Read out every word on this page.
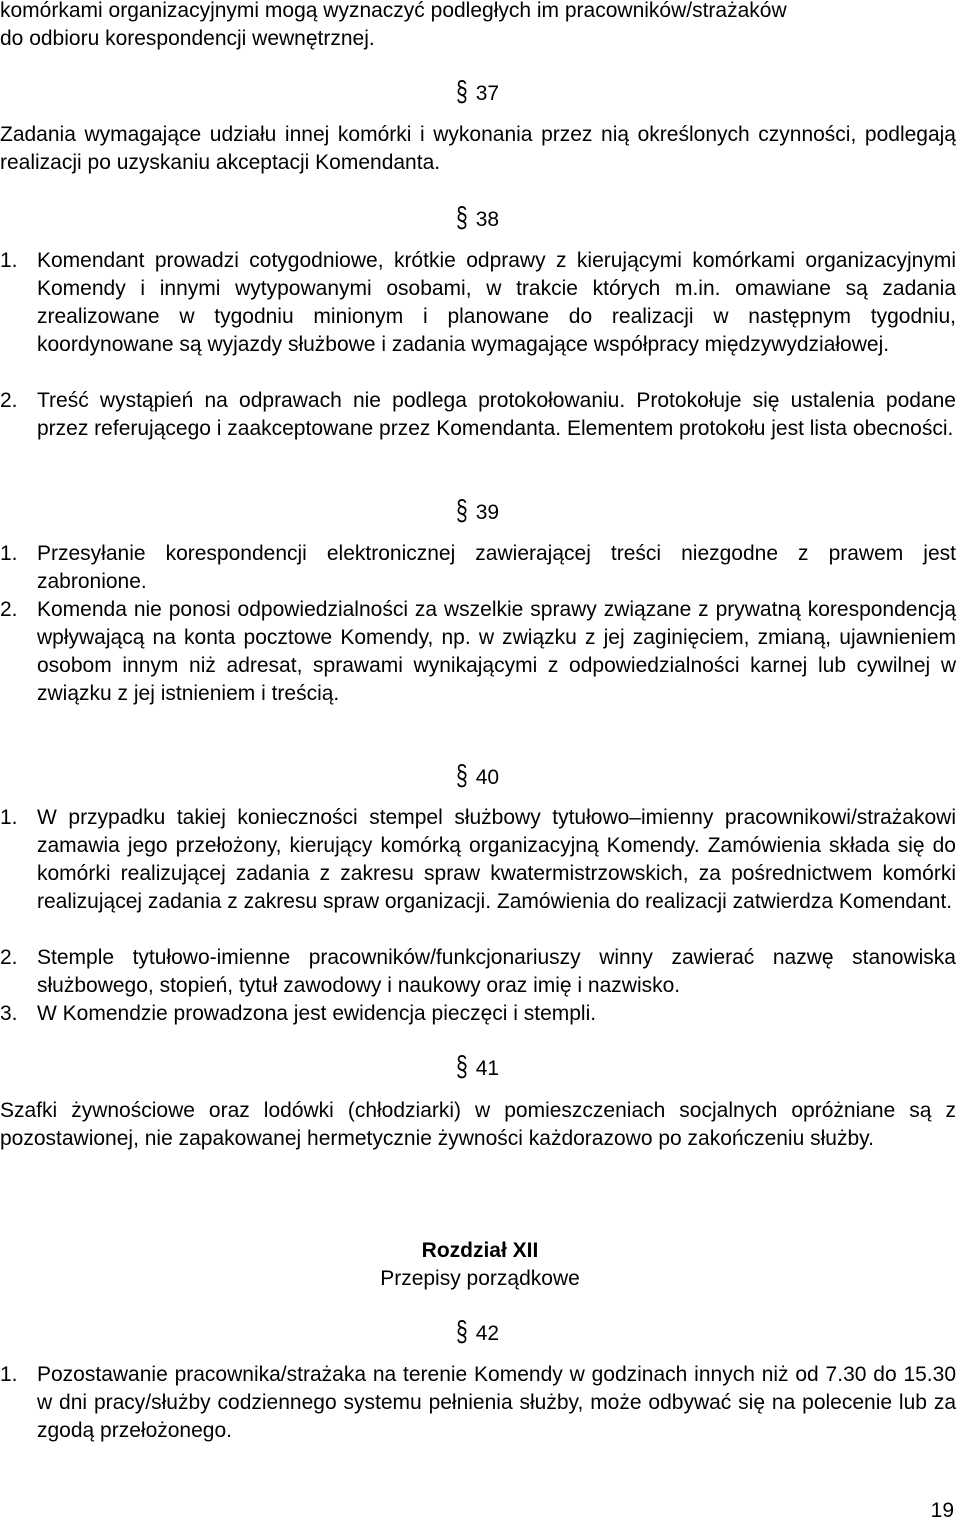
komórkami organizacyjnymi mogą wyznaczyć podległych im pracowników/strażaków
do odbioru korespondencji wewnętrznej.
§ 37

Zadania wymagające udziału innej komórki i wykonania przez nią określonych czynności, podlegają realizacji po uzyskaniu akceptacji Komendanta.

§ 38
1. Komendant prowadzi cotygodniowe, krótkie odprawy z kierującymi komórkami organizacyjnymi Komendy i innymi wytypowanymi osobami, w trakcie których m.in. omawiane są zadania zrealizowane w tygodniu minionym i planowane do realizacji w następnym tygodniu, koordynowane są wyjazdy służbowe i zadania wymagające współpracy międzywydziałowej.

2. Treść wystąpień na odprawach nie podlega protokołowaniu. Protokołuje się ustalenia podane przez referującego i zaakceptowane przez Komendanta. Elementem protokołu jest lista obecności.

§ 39
1. Przesyłanie korespondencji elektronicznej zawierającej treści niezgodne z prawem jest zabronione.

2. Komenda nie ponosi odpowiedzialności za wszelkie sprawy związane z prywatną korespondencją wpływającą na konta pocztowe Komendy, np. w związku z jej zaginięciem, zmianą, ujawnieniem osobom innym niż adresat, sprawami wynikającymi z odpowiedzialności karnej lub cywilnej w związku z jej istnieniem i treścią.

§ 40
1. W przypadku takiej konieczności stempel służbowy tytułowo–imienny pracownikowi/strażakowi zamawia jego przełożony, kierujący komórką organizacyjną Komendy. Zamówienia składa się do komórki realizującej zadania z zakresu spraw kwatermistrzowskich, za pośrednictwem komórki realizującej zadania z zakresu spraw organizacji. Zamówienia do realizacji zatwierdza Komendant.

2. Stemple tytułowo-imienne pracowników/funkcjonariuszy winny zawierać nazwę stanowiska służbowego, stopień, tytuł zawodowy i naukowy oraz imię i nazwisko.

3. W Komendzie prowadzona jest ewidencja pieczęci i stempli.

§ 41

Szafki żywnościowe oraz lodówki (chłodziarki) w pomieszczeniach socjalnych opróżniane są z pozostawionej, nie zapakowanej hermetycznie żywności każdorazowo po zakończeniu służby.

Rozdział XII
Przepisy porządkowe
§ 42
1. Pozostawanie pracownika/strażaka na terenie Komendy w godzinach innych niż od 7.30 do 15.30 w dni pracy/służby codziennego systemu pełnienia służby, może odbywać się na polecenie lub za zgodą przełożonego.

19
